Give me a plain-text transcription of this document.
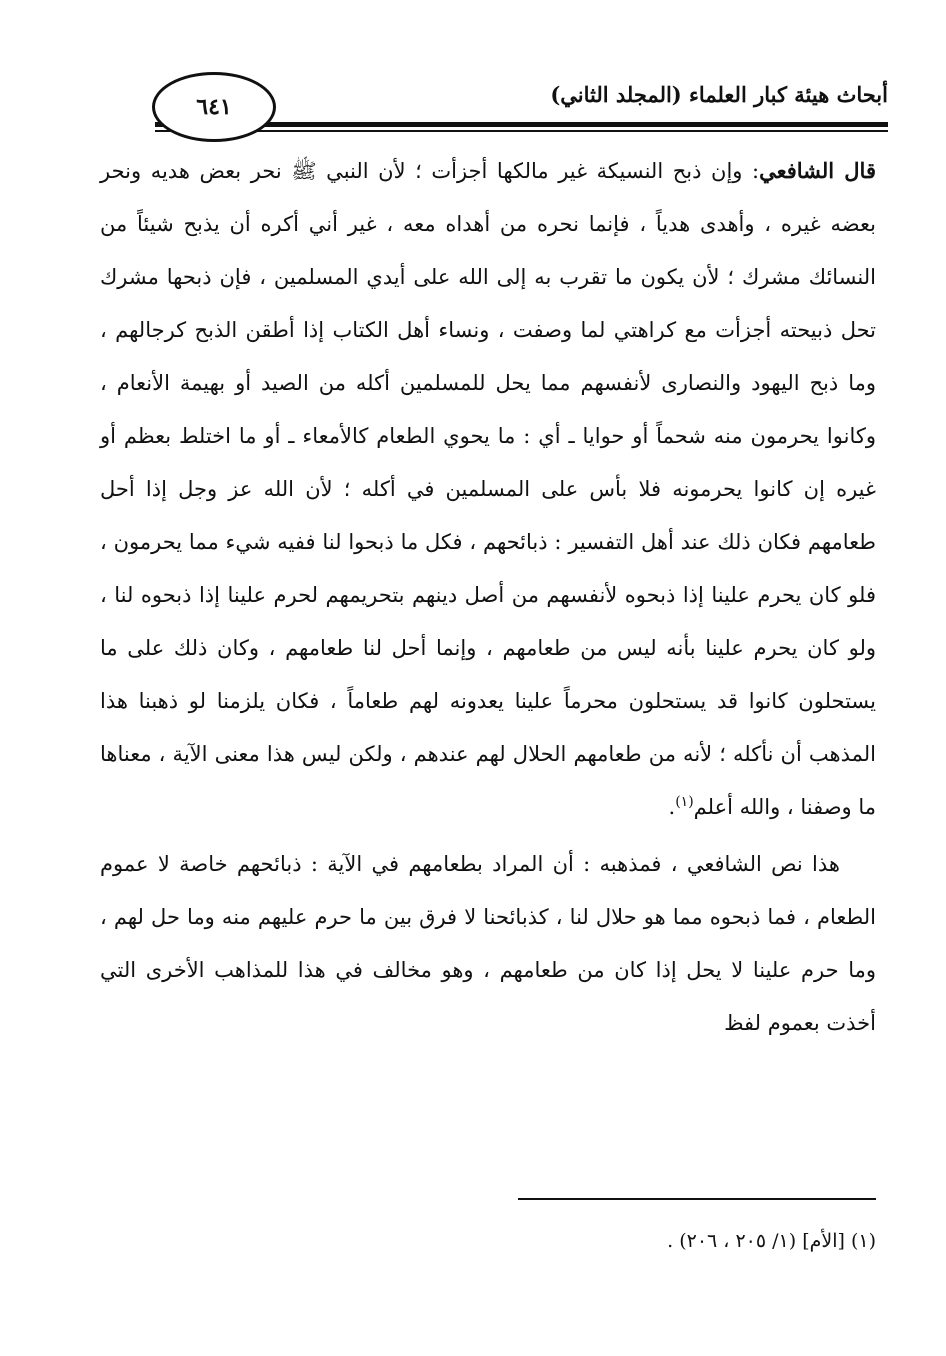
أبحاث هيئة كبار العلماء (المجلد الثاني)
٦٤١

قال الشافعي: وإن ذبح النسيكة غير مالكها أجزأت ؛ لأن النبي ﷺ نحر بعض هديه ونحر بعضه غيره ، وأهدى هدياً ، فإنما نحره من أهداه معه ، غير أني أكره أن يذبح شيئاً من النسائك مشرك ؛ لأن يكون ما تقرب به إلى الله على أيدي المسلمين ، فإن ذبحها مشرك تحل ذبيحته أجزأت مع كراهتي لما وصفت ، ونساء أهل الكتاب إذا أطقن الذبح كرجالهم ، وما ذبح اليهود والنصارى لأنفسهم مما يحل للمسلمين أكله من الصيد أو بهيمة الأنعام ، وكانوا يحرمون منه شحماً أو حوايا ـ أي : ما يحوي الطعام كالأمعاء ـ أو ما اختلط بعظم أو غيره إن كانوا يحرمونه فلا بأس على المسلمين في أكله ؛ لأن الله عز وجل إذا أحل طعامهم فكان ذلك عند أهل التفسير : ذبائحهم ، فكل ما ذبحوا لنا ففيه شيء مما يحرمون ، فلو كان يحرم علينا إذا ذبحوه لأنفسهم من أصل دينهم بتحريمهم لحرم علينا إذا ذبحوه لنا ، ولو كان يحرم علينا بأنه ليس من طعامهم ، وإنما أحل لنا طعامهم ، وكان ذلك على ما يستحلون كانوا قد يستحلون محرماً علينا يعدونه لهم طعاماً ، فكان يلزمنا لو ذهبنا هذا المذهب أن نأكله ؛ لأنه من طعامهم الحلال لهم عندهم ، ولكن ليس هذا معنى الآية ، معناها ما وصفنا ، والله أعلم$^{(١)}$.

هذا نص الشافعي ، فمذهبه : أن المراد بطعامهم في الآية : ذبائحهم خاصة لا عموم الطعام ، فما ذبحوه مما هو حلال لنا ، كذبائحنا لا فرق بين ما حرم عليهم منه وما حل لهم ، وما حرم علينا لا يحل إذا كان من طعامهم ، وهو مخالف في هذا للمذاهب الأخرى التي أخذت بعموم لفظ

(١) [الأم] (١/ ٢٠٥ ، ٢٠٦) .
